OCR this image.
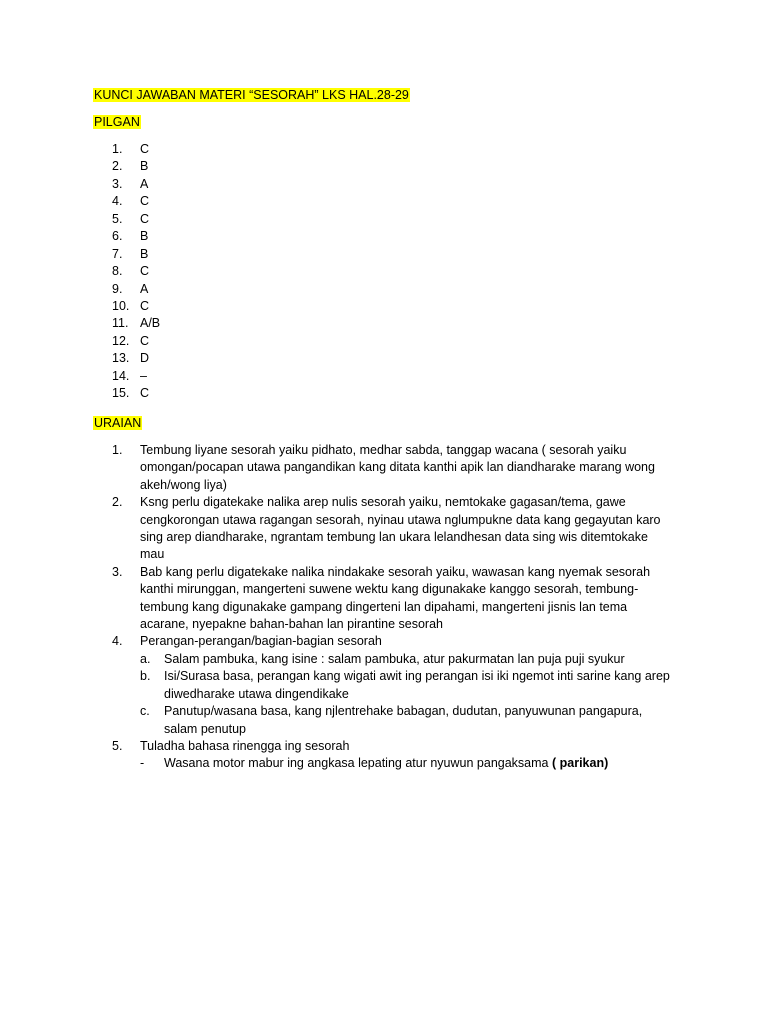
KUNCI JAWABAN MATERI “SESORAH” LKS HAL.28-29
PILGAN
1. C
2. B
3. A
4. C
5. C
6. B
7. B
8. C
9. A
10. C
11. A/B
12. C
13. D
14. –
15. C
URAIAN
1. Tembung liyane sesorah yaiku pidhato, medhar sabda, tanggap wacana ( sesorah yaiku omongan/pocapan utawa pangandikan kang ditata kanthi apik lan diandharake marang wong akeh/wong liya)
2. Ksng perlu digatekake nalika arep nulis sesorah yaiku, nemtokake gagasan/tema, gawe cengkorongan utawa ragangan sesorah, nyinau utawa nglumpukne data kang gegayutan karo sing arep diandharake, ngrantam tembung lan ukara lelandhesan data sing wis ditemtokake mau
3. Bab kang perlu digatekake nalika nindakake sesorah yaiku, wawasan kang nyemak sesorah kanthi mirunggan, mangerteni suwene wektu kang digunakake kanggo sesorah, tembung-tembung kang digunakake gampang dingerteni lan dipahami, mangerteni jisnis lan tema acarane, nyepakne bahan-bahan lan pirantine sesorah
4. Perangan-perangan/bagian-bagian sesorah
a. Salam pambuka, kang isine : salam pambuka, atur pakurmatan lan puja puji syukur
b. Isi/Surasa basa, perangan kang wigati awit ing perangan isi iki ngemot inti sarine kang arep diwedharake utawa dingendikake
c. Panutup/wasana basa, kang njlentrehake babagan, dudutan, panyuwunan pangapura, salam penutup
5. Tuladha bahasa rinengga ing sesorah
- Wasana motor mabur ing angkasa lepating atur nyuwun pangaksama ( parikan)
